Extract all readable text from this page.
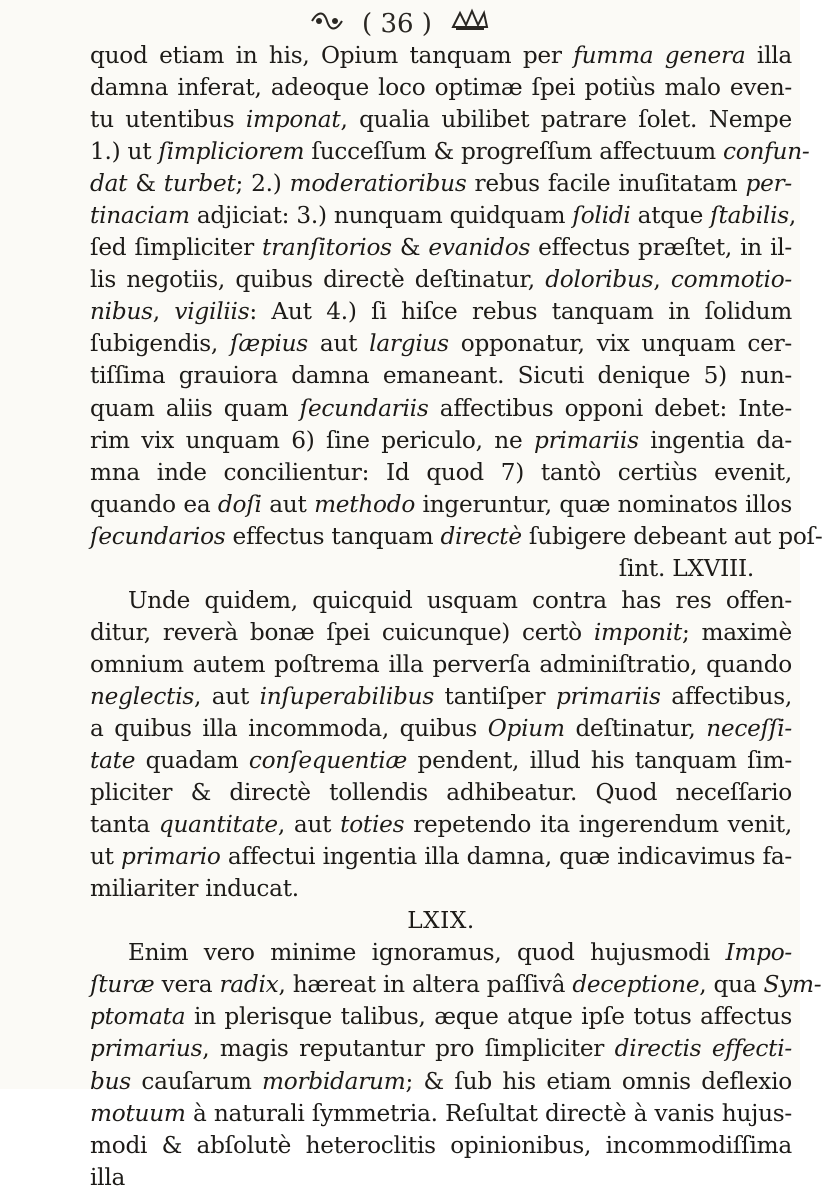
( 36 )
quod etiam in his, Opium tanquam per fumma genera illa
damna inferat, adeoque loco optimæ ſpei potiùs malo even-
tu utentibus imponat, qualia ubilibet patrare ſolet. Nempe
1.) ut ſimpliciorem ſucceſſum & progreſſum affectuum confun-
dat & turbet; 2.) moderatioribus rebus facile inuſitatam per-
tinaciam adjiciat: 3.) nunquam quidquam ſolidi atque ſtabilis,
ſed ſimpliciter tranſitorios & evanidos effectus præſtet, in il-
lis negotiis, quibus directè deſtinatur, doloribus, commotio-
nibus, vigiliis: Aut 4.) ſi hiſce rebus tanquam in ſolidum
ſubigendis, ſæpius aut largius opponatur, vix unquam cer-
tiſſima grauiora damna emaneant. Sicuti denique 5) nun-
quam aliis quam ſecundariis affectibus opponi debet: Inte-
rim vix unquam 6) ſine periculo, ne primariis ingentia da-
mna inde concilientur: Id quod 7) tantò certiùs evenit,
quando ea doſi aut methodo ingeruntur, quæ nominatos illos
ſecundarios effectus tanquam directè ſubigere debeant aut poſ-
ſint. LXVIII.
Unde quidem, quicquid usquam contra has res offen-
ditur, reverà bonæ ſpei cuicunque) certò imponit; maximè
omnium autem poſtrema illa perverſa adminiſtratio, quando
neglectis, aut inſuperabilibus tantiſper primariis affectibus,
a quibus illa incommoda, quibus Opium deſtinatur, neceſſi-
tate quadam conſequentiæ pendent, illud his tanquam ſim-
pliciter & directè tollendis adhibeatur. Quod neceſſario
tanta quantitate, aut toties repetendo ita ingerendum venit,
ut primario affectui ingentia illa damna, quæ indicavimus fa-
miliariter inducat.
LXIX.
Enim vero minime ignoramus, quod hujusmodi Impo-
ſturæ vera radix, hæreat in altera paſſivâ deceptione, qua Sym-
ptomata in plerisque talibus, æque atque ipſe totus affectus
primarius, magis reputantur pro ſimpliciter directis effecti-
bus cauſarum morbidarum; & ſub his etiam omnis deflexio
motuum à naturali ſymmetria. Reſultat directè à vanis hujus-
modi & abſolutè heteroclitis opinionibus, incommodiſſima
illa
